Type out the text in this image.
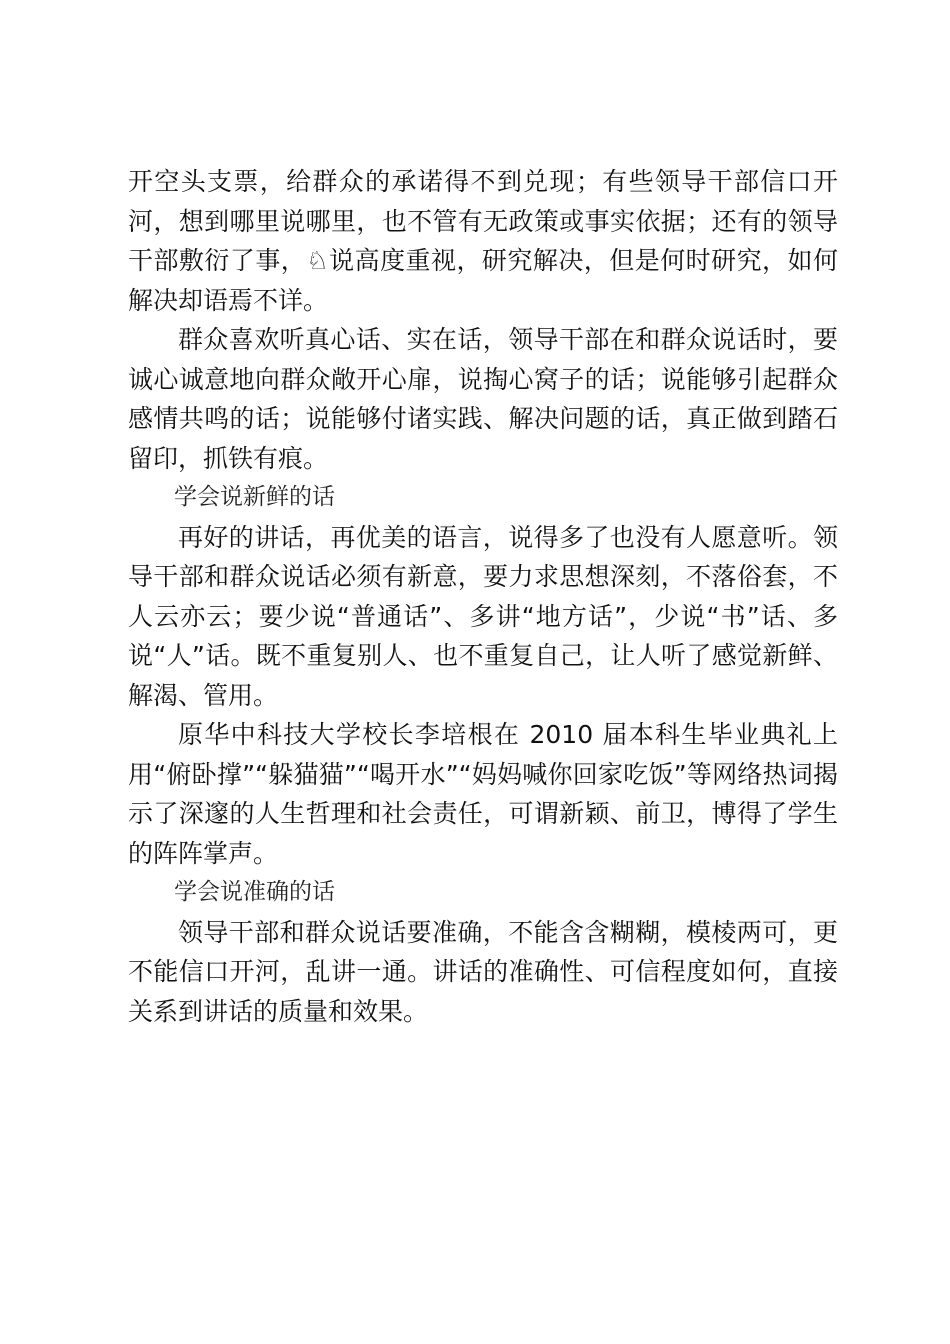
开空头支票，给群众的承诺得不到兑现；有些领导干部信口开河，想到哪里说哪里，也不管有无政策或事实依据；还有的领导干部敷衍了事，♘说高度重视，研究解决，但是何时研究，如何解决却语焉不详。

群众喜欢听真心话、实在话，领导干部在和群众说话时，要诚心诚意地向群众敞开心扉，说掏心窝子的话；说能够引起群众感情共鸣的话；说能够付诸实践、解决问题的话，真正做到踏石留印，抓铁有痕。

学会说新鲜的话

再好的讲话，再优美的语言，说得多了也没有人愿意听。领导干部和群众说话必须有新意，要力求思想深刻，不落俗套，不人云亦云；要少说“普通话”、多讲“地方话”，少说“书”话、多说“人”话。既不重复别人、也不重复自己，让人听了感觉新鲜、解渴、管用。

原华中科技大学校长李培根在 2010 届本科生毕业典礼上用“俯卧撑”“躲猫猫”“喝开水”“妈妈喊你回家吃饭”等网络热词揭示了深邃的人生哲理和社会责任，可谓新颖、前卫，博得了学生的阵阵掌声。

学会说准确的话

领导干部和群众说话要准确，不能含含糊糊，模棱两可，更不能信口开河，乱讲一通。讲话的准确性、可信程度如何，直接关系到讲话的质量和效果。
